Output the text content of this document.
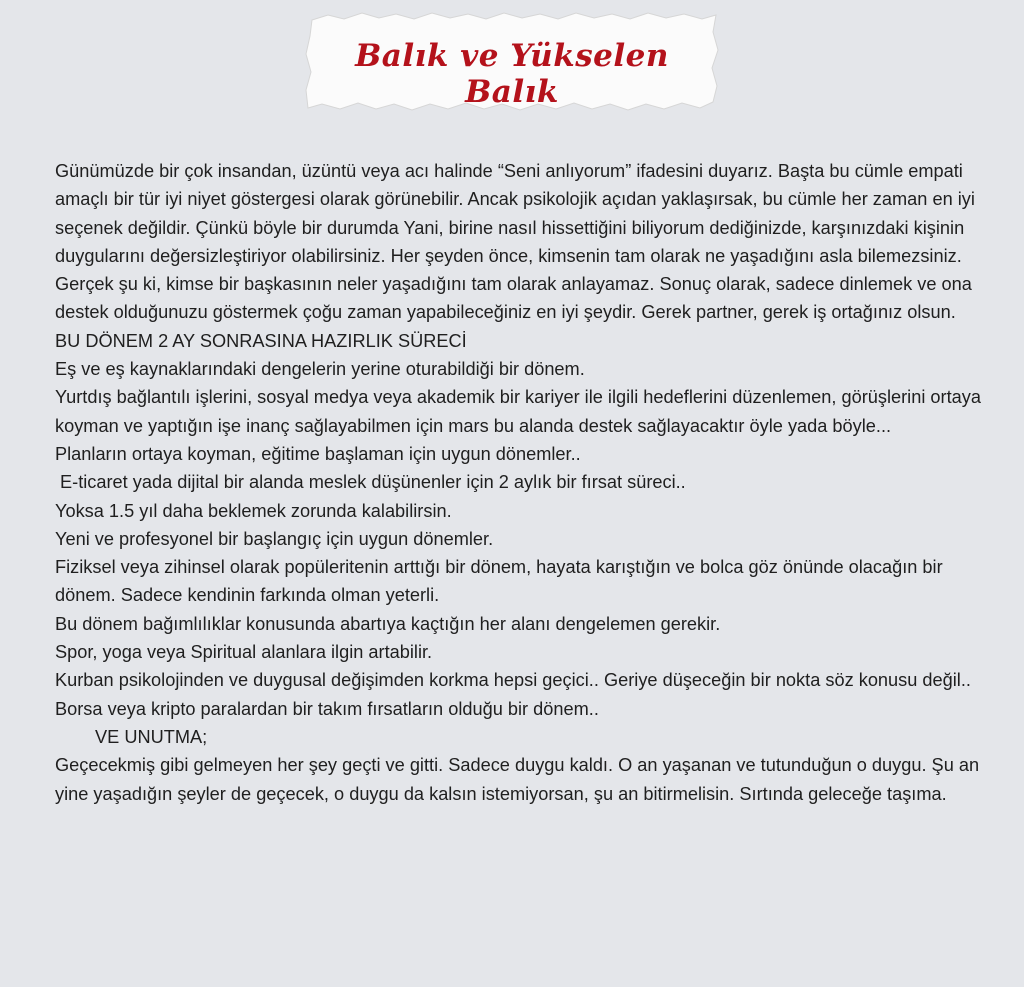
Balık ve Yükselen Balık

Günümüzde bir çok insandan, üzüntü veya acı halinde “Seni anlıyorum” ifadesini duyarız. Başta bu cümle empati amaçlı bir tür iyi niyet göstergesi olarak görünebilir. Ancak psikolojik açıdan yaklaşırsak, bu cümle her zaman en iyi seçenek değildir. Çünkü böyle bir durumda Yani, birine nasıl hissettiğini biliyorum dediğinizde, karşınızdaki kişinin duygularını değersizleştiriyor olabilirsiniz. Her şeyden önce, kimsenin tam olarak ne yaşadığını asla bilemezsiniz. Gerçek şu ki, kimse bir başkasının neler yaşadığını tam olarak anlayamaz. Sonuç olarak, sadece dinlemek ve ona destek olduğunuzu göstermek çoğu zaman yapabileceğiniz en iyi şeydir. Gerek partner, gerek iş ortağınız olsun.

BU DÖNEM 2 AY SONRASINA HAZIRLIK SÜRECİ

Eş ve eş kaynaklarındaki dengelerin yerine oturabildiği bir dönem.

Yurtdış bağlantılı işlerini, sosyal medya veya akademik bir kariyer ile ilgili hedeflerini düzenlemen, görüşlerini ortaya koyman ve yaptığın işe inanç sağlayabilmen için mars bu alanda destek sağlayacaktır öyle yada böyle...

Planların ortaya koyman, eğitime başlaman için uygun dönemler..

E-ticaret yada dijital bir alanda meslek düşünenler için 2 aylık bir fırsat süreci..

Yoksa 1.5 yıl daha beklemek zorunda kalabilirsin.

Yeni ve profesyonel bir başlangıç için uygun dönemler.

Fiziksel veya zihinsel olarak popüleritenin arttığı bir dönem, hayata karıştığın ve bolca göz önünde olacağın bir dönem. Sadece kendinin farkında olman yeterli.

Bu dönem bağımlılıklar konusunda abartıya kaçtığın her alanı dengelemen gerekir.

Spor, yoga veya Spiritual alanlara ilgin artabilir.

Kurban psikolojinden ve duygusal değişimden korkma hepsi geçici.. Geriye düşeceğin bir nokta söz konusu değil..

Borsa veya kripto paralardan bir takım fırsatların olduğu bir dönem..

VE UNUTMA;

Geçecekmiş gibi gelmeyen her şey geçti ve gitti. Sadece duygu kaldı. O an yaşanan ve tutunduğun o duygu. Şu an yine yaşadığın şeyler de geçecek, o duygu da kalsın istemiyorsan, şu an bitirmelisin. Sırtında geleceğe taşıma.
